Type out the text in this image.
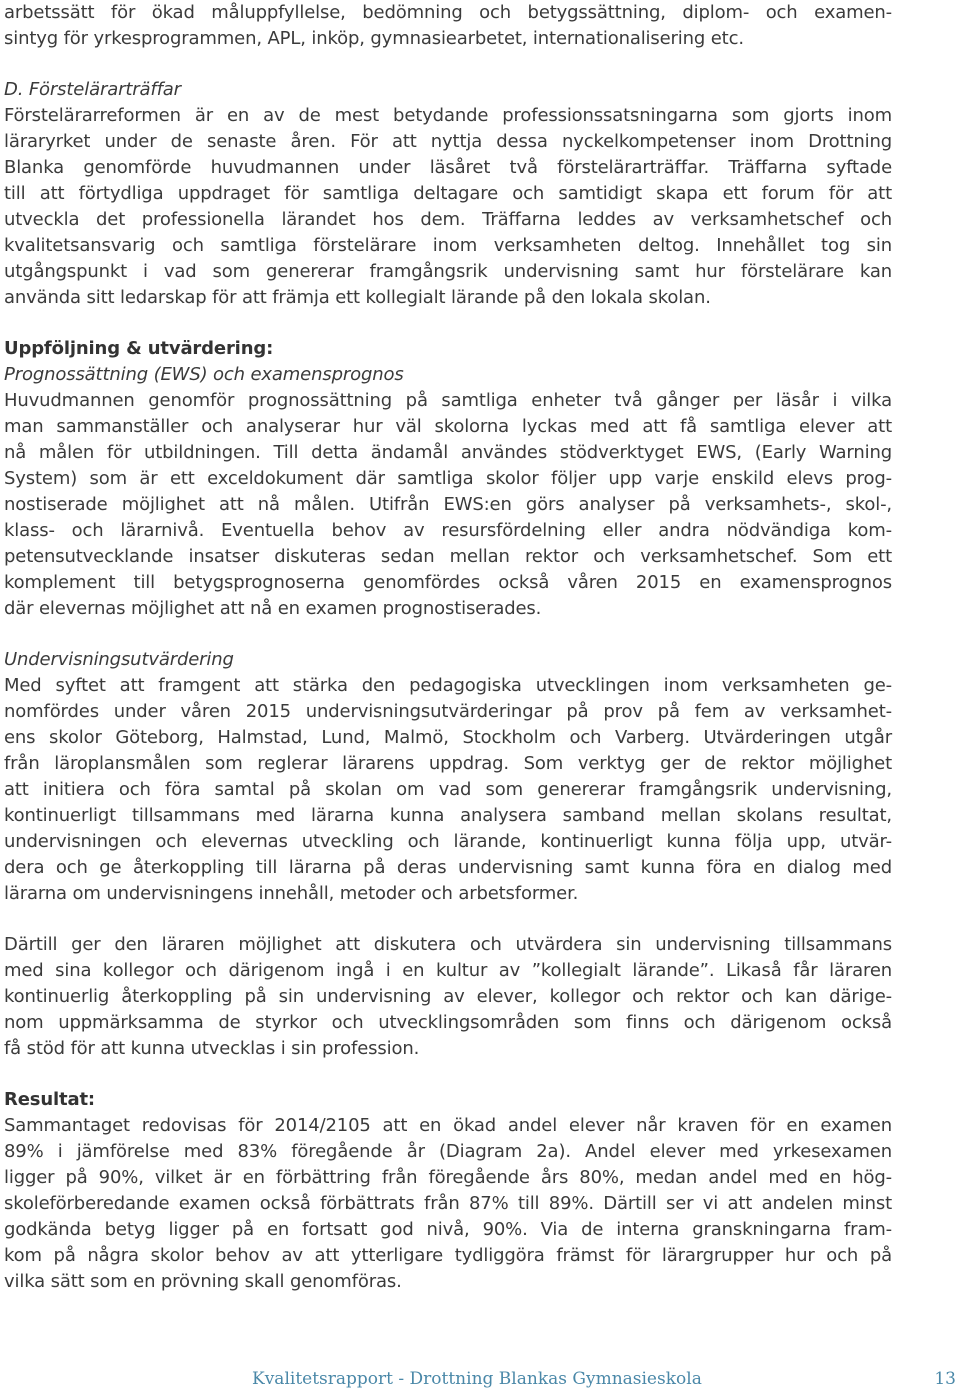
arbetssätt för ökad måluppfyllelse, bedömning och betygssättning, diplom- och examen-
sintyg för yrkesprogrammen, APL, inköp, gymnasiearbetet, internationalisering etc.
D. Förstelärarträffar
Förstelärarreformen är en av de mest betydande professionssatsningarna som gjorts inom
läraryrket under de senaste åren. För att nyttja dessa nyckelkompetenser inom Drottning
Blanka genomförde huvudmannen under läsåret två förstelärarträffar. Träffarna syftade
till att förtydliga uppdraget för samtliga deltagare och samtidigt skapa ett forum för att
utveckla det professionella lärandet hos dem. Träffarna leddes av verksamhetschef och
kvalitetsansvarig och samtliga förstelärare inom verksamheten deltog. Innehållet tog sin
utgångspunkt i vad som genererar framgångsrik undervisning samt hur förstelärare kan
använda sitt ledarskap för att främja ett kollegialt lärande på den lokala skolan.
Uppföljning & utvärdering:
Prognossättning (EWS) och examensprognos
Huvudmannen genomför prognossättning på samtliga enheter två gånger per läsår i vilka
man sammanställer och analyserar hur väl skolorna lyckas med att få samtliga elever att
nå målen för utbildningen. Till detta ändamål användes stödverktyget EWS, (Early Warning
System) som är ett exceldokument där samtliga skolor följer upp varje enskild elevs prog-
nostiserade möjlighet att nå målen. Utifrån EWS:en görs analyser på verksamhets-, skol-,
klass- och lärarnivå. Eventuella behov av resursfördelning eller andra nödvändiga kom-
petensutvecklande insatser diskuteras sedan mellan rektor och verksamhetschef. Som ett
komplement till betygsprognoserna genomfördes också våren 2015 en examensprognos
där elevernas möjlighet att nå en examen prognostiserades.
Undervisningsutvärdering
Med syftet att framgent att stärka den pedagogiska utvecklingen inom verksamheten ge-
nomfördes under våren 2015 undervisningsutvärderingar på prov på fem av verksamhet-
ens skolor Göteborg, Halmstad, Lund, Malmö, Stockholm och Varberg. Utvärderingen utgår
från läroplansmålen som reglerar lärarens uppdrag. Som verktyg ger de rektor möjlighet
att initiera och föra samtal på skolan om vad som genererar framgångsrik undervisning,
kontinuerligt tillsammans med lärarna kunna analysera samband mellan skolans resultat,
undervisningen och elevernas utveckling och lärande, kontinuerligt kunna följa upp, utvär-
dera och ge återkoppling till lärarna på deras undervisning samt kunna föra en dialog med
lärarna om undervisningens innehåll, metoder och arbetsformer.
Därtill ger den läraren möjlighet att diskutera och utvärdera sin undervisning tillsammans
med sina kollegor och därigenom ingå i en kultur av ”kollegialt lärande”. Likaså får läraren
kontinuerlig återkoppling på sin undervisning av elever, kollegor och rektor och kan därige-
nom uppmärksamma de styrkor och utvecklingsområden som finns och därigenom också
få stöd för att kunna utvecklas i sin profession.
Resultat:
Sammantaget redovisas för 2014/2105 att en ökad andel elever når kraven för en examen
89% i jämförelse med 83% föregående år (Diagram 2a). Andel elever med yrkesexamen
ligger på 90%, vilket är en förbättring från föregående års 80%, medan andel med en hög-
skoleförberedande examen också förbättrats från 87% till 89%. Därtill ser vi att andelen minst
godkända betyg ligger på en fortsatt god nivå, 90%. Via de interna granskningarna fram-
kom på några skolor behov av att ytterligare tydliggöra främst för lärargrupper hur och på
vilka sätt som en prövning skall genomföras.
Kvalitetsrapport - Drottning Blankas Gymnasieskola	13
